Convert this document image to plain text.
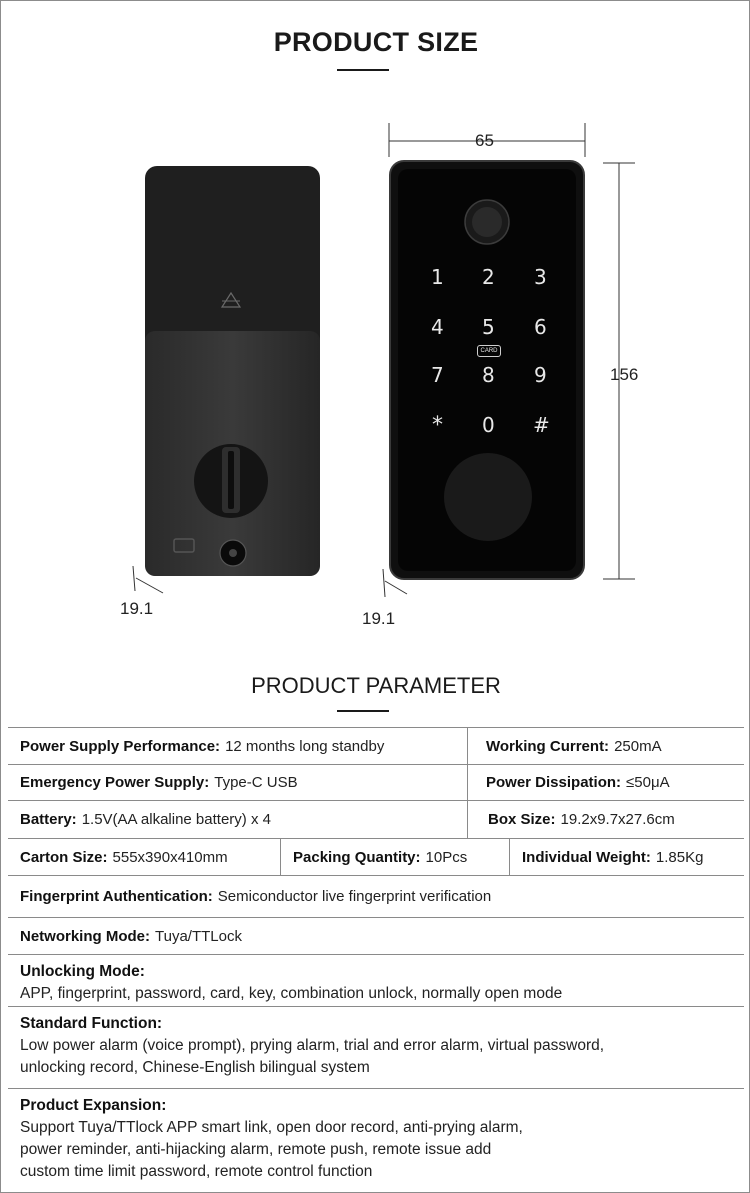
PRODUCT SIZE
19.1
65
156
19.1
1 2 3
4 5 6
CARD
7 8 9
* 0 #
PRODUCT PARAMETER
Power Supply Performance: 12 months long standby	Working Current: 250mA
Emergency Power Supply: Type-C USB	Power Dissipation: ≤50μA
Battery: 1.5V(AA alkaline battery) x 4	Box Size: 19.2x9.7x27.6cm
Carton Size: 555x390x410mm	Packing Quantity: 10Pcs	Individual Weight: 1.85Kg
Fingerprint Authentication: Semiconductor live fingerprint verification
Networking Mode: Tuya/TTLock
Unlocking Mode:
APP, fingerprint, password, card, key, combination unlock, normally open mode
Standard Function:
Low power alarm (voice prompt), prying alarm, trial and error alarm, virtual password,
unlocking record, Chinese-English bilingual system
Product Expansion:
Support Tuya/TTlock APP smart link, open door record, anti-prying alarm,
power reminder, anti-hijacking alarm, remote push, remote issue add
custom time limit password, remote control function
